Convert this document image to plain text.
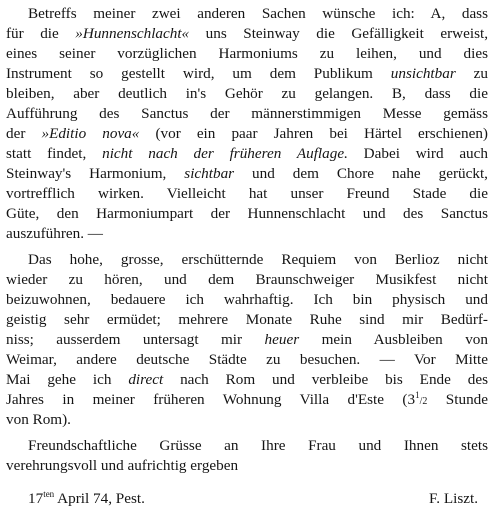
Betreffs meiner zwei anderen Sachen wünsche ich: A, dass
für die »Hunnenschlacht« uns Steinway die Gefälligkeit erweist,
eines seiner vorzüglichen Harmoniums zu leihen, und dies
Instrument so gestellt wird, um dem Publikum unsichtbar zu
bleiben, aber deutlich in's Gehör zu gelangen. B, dass die
Aufführung des Sanctus der männerstimmigen Messe gemäss
der »Editio nova« (vor ein paar Jahren bei Härtel erschienen)
statt findet, nicht nach der früheren Auflage. Dabei wird auch
Steinway's Harmonium, sichtbar und dem Chore nahe gerückt,
vortrefflich wirken. Vielleicht hat unser Freund Stade die
Güte, den Harmoniumpart der Hunnenschlacht und des Sanctus
auszuführen. —
Das hohe, grosse, erschütternde Requiem von Berlioz nicht
wieder zu hören, und dem Braunschweiger Musikfest nicht
beizuwohnen, bedauere ich wahrhaftig. Ich bin physisch und
geistig sehr ermüdet; mehrere Monate Ruhe sind mir Bedürf-
niss; ausserdem untersagt mir heuer mein Ausbleiben von
Weimar, andere deutsche Städte zu besuchen. — Vor Mitte
Mai gehe ich direct nach Rom und verbleibe bis Ende des
Jahres in meiner früheren Wohnung Villa d'Este ($3^1/2$ Stunde
von Rom).
Freundschaftliche Grüsse an Ihre Frau und Ihnen stets
verehrungsvoll und aufrichtig ergeben
$17^{ten}$ April 74, Pest.	F. Liszt.
